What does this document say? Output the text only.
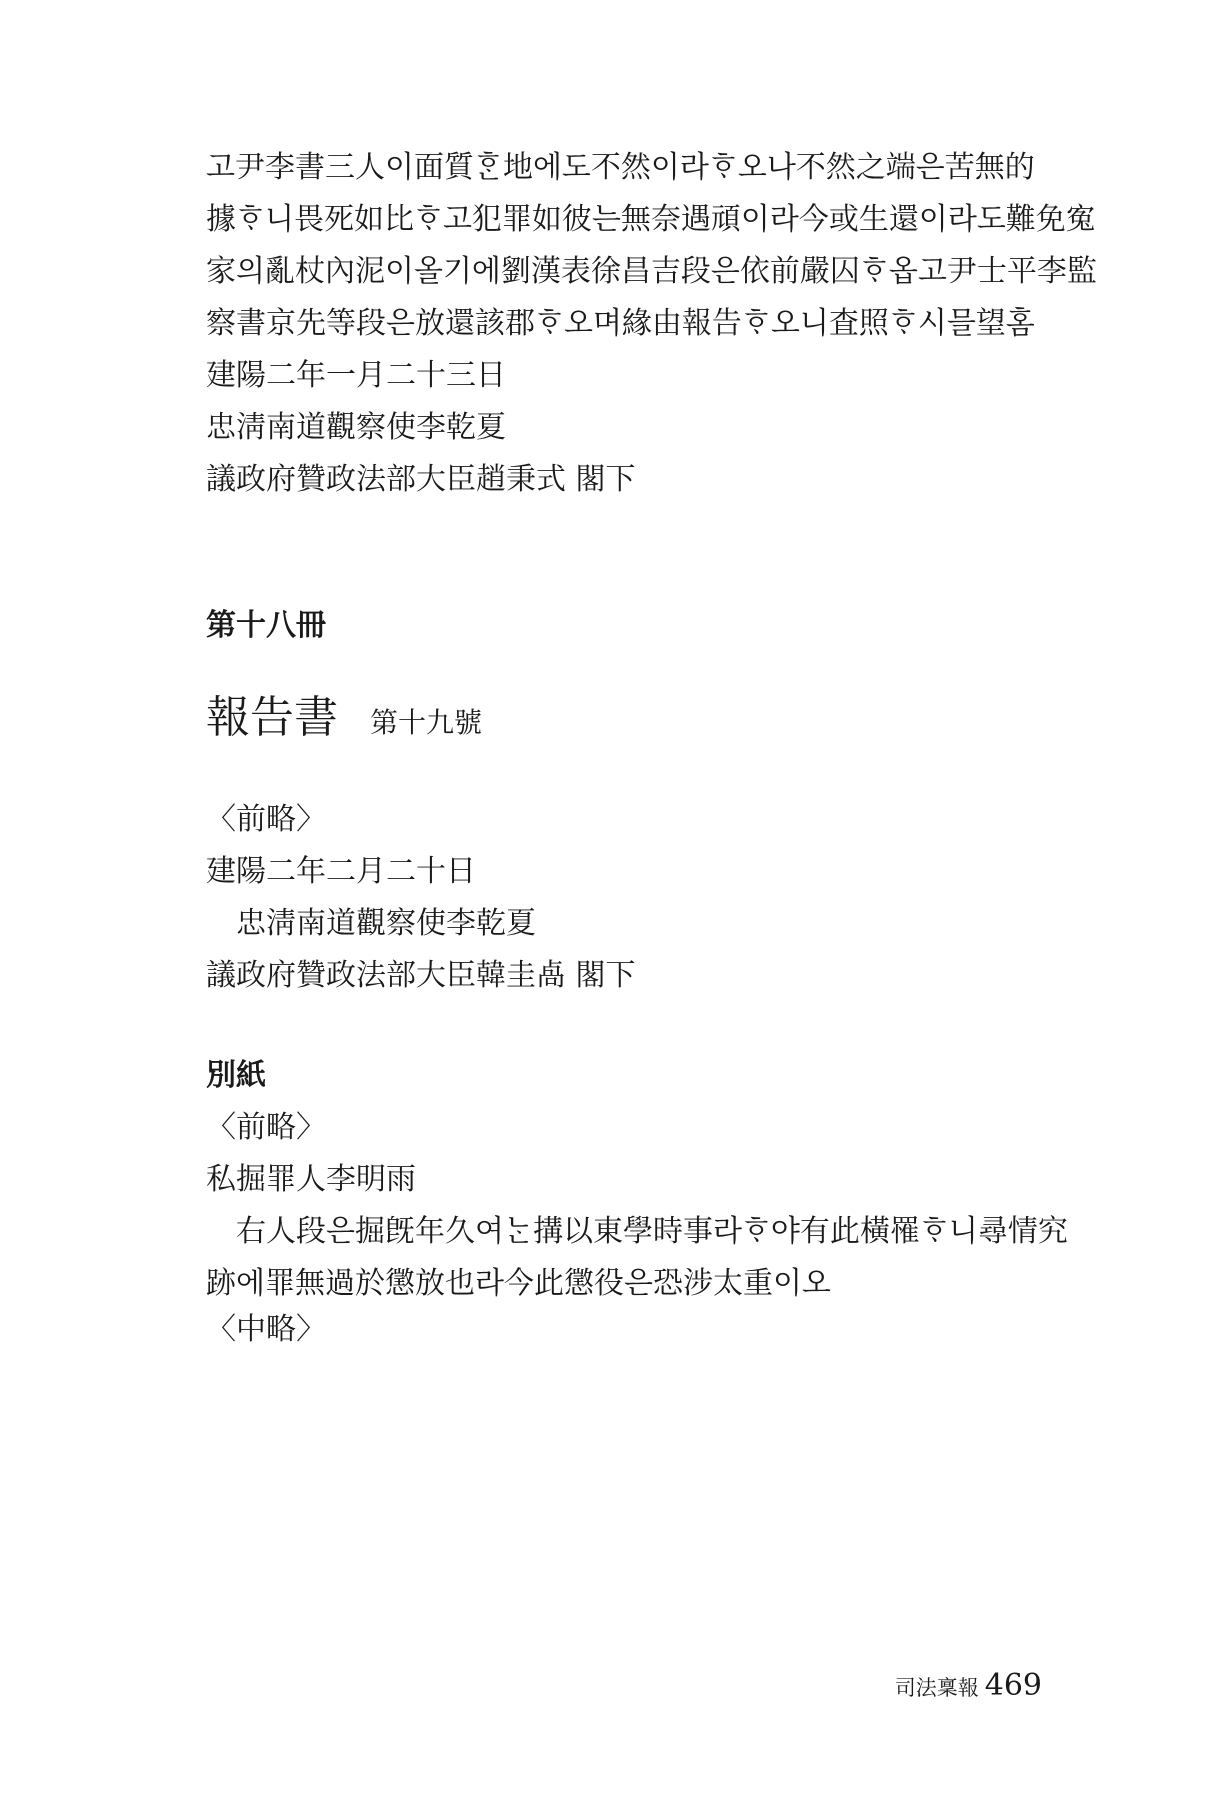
고尹李書三人이面質ᄒᆞᆫ地에도不然이라ᄒᆞ오나不然之端은苦無的
據ᄒᆞ니畏死如比ᄒᆞ고犯罪如彼는無奈遇頑이라今或生還이라도難免寃
家의亂杖內泥이올기에劉漢表徐昌吉段은依前嚴囚ᄒᆞ옵고尹士平李監
察書京先等段은放還該郡ᄒᆞ오며緣由報告ᄒᆞ오니査照ᄒᆞ시믈望홈
建陽二年一月二十三日
忠淸南道觀察使李乾夏
議政府贊政法部大臣趙秉式 閣下
第十八冊
報告書 第十九號
〈前略〉
建陽二年二月二十日
忠淸南道觀察使李乾夏
議政府贊政法部大臣韓圭卨 閣下
別紙
〈前略〉
私掘罪人李明雨
右人段은掘旣年久여ᄂᆞᆫ搆以東學時事라ᄒᆞ야有此橫罹ᄒᆞ니尋情究
跡에罪無過於懲放也라今此懲役은恐涉太重이오
〈中略〉
司法稟報 469
